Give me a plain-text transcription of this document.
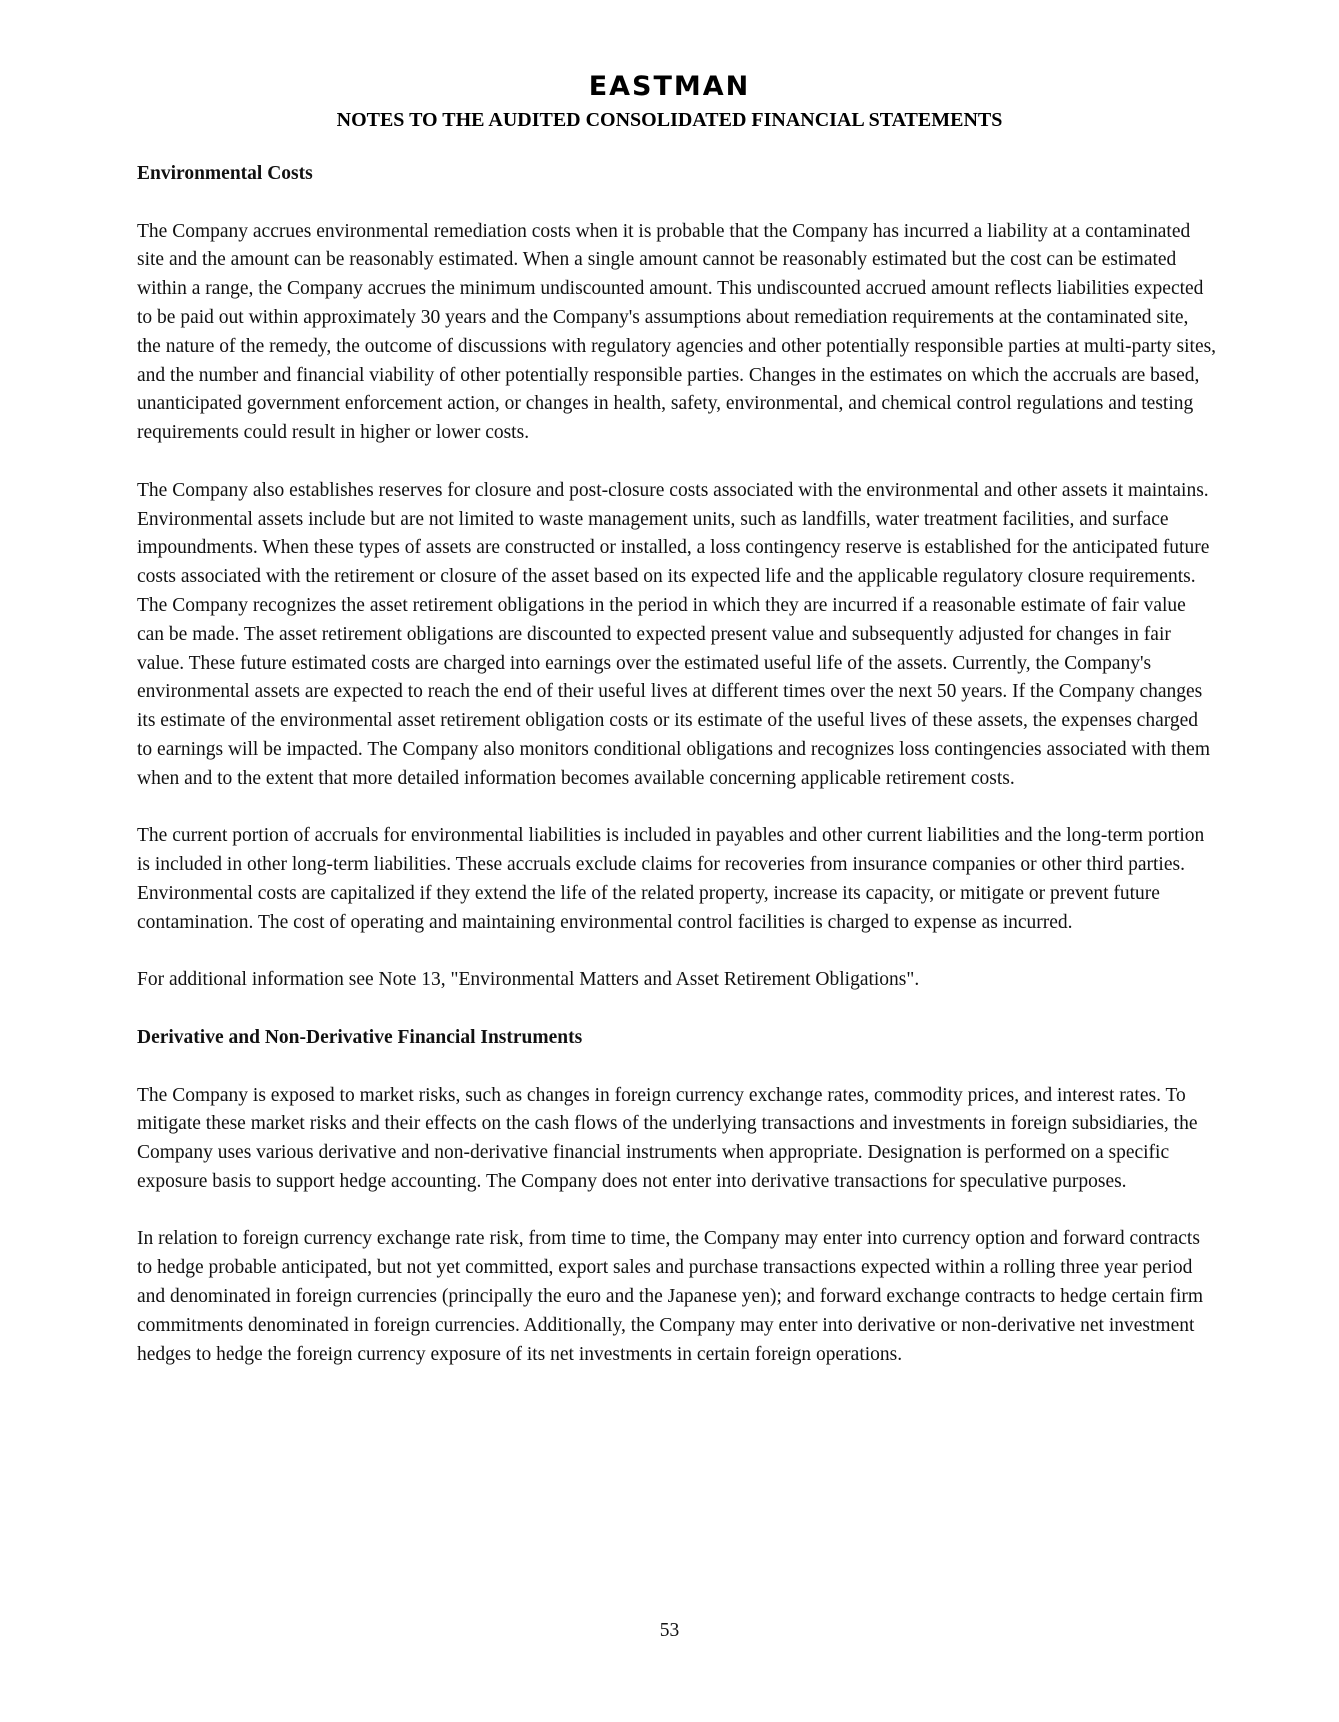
EASTMAN
NOTES TO THE AUDITED CONSOLIDATED FINANCIAL STATEMENTS
Environmental Costs

The Company accrues environmental remediation costs when it is probable that the Company has incurred a liability at a contaminated site and the amount can be reasonably estimated. When a single amount cannot be reasonably estimated but the cost can be estimated within a range, the Company accrues the minimum undiscounted amount. This undiscounted accrued amount reflects liabilities expected to be paid out within approximately 30 years and the Company's assumptions about remediation requirements at the contaminated site, the nature of the remedy, the outcome of discussions with regulatory agencies and other potentially responsible parties at multi-party sites, and the number and financial viability of other potentially responsible parties. Changes in the estimates on which the accruals are based, unanticipated government enforcement action, or changes in health, safety, environmental, and chemical control regulations and testing requirements could result in higher or lower costs.

The Company also establishes reserves for closure and post-closure costs associated with the environmental and other assets it maintains. Environmental assets include but are not limited to waste management units, such as landfills, water treatment facilities, and surface impoundments. When these types of assets are constructed or installed, a loss contingency reserve is established for the anticipated future costs associated with the retirement or closure of the asset based on its expected life and the applicable regulatory closure requirements. The Company recognizes the asset retirement obligations in the period in which they are incurred if a reasonable estimate of fair value can be made. The asset retirement obligations are discounted to expected present value and subsequently adjusted for changes in fair value. These future estimated costs are charged into earnings over the estimated useful life of the assets. Currently, the Company's environmental assets are expected to reach the end of their useful lives at different times over the next 50 years. If the Company changes its estimate of the environmental asset retirement obligation costs or its estimate of the useful lives of these assets, the expenses charged to earnings will be impacted. The Company also monitors conditional obligations and recognizes loss contingencies associated with them when and to the extent that more detailed information becomes available concerning applicable retirement costs.

The current portion of accruals for environmental liabilities is included in payables and other current liabilities and the long-term portion is included in other long-term liabilities. These accruals exclude claims for recoveries from insurance companies or other third parties. Environmental costs are capitalized if they extend the life of the related property, increase its capacity, or mitigate or prevent future contamination. The cost of operating and maintaining environmental control facilities is charged to expense as incurred.

For additional information see Note 13, "Environmental Matters and Asset Retirement Obligations".

Derivative and Non-Derivative Financial Instruments

The Company is exposed to market risks, such as changes in foreign currency exchange rates, commodity prices, and interest rates. To mitigate these market risks and their effects on the cash flows of the underlying transactions and investments in foreign subsidiaries, the Company uses various derivative and non-derivative financial instruments when appropriate. Designation is performed on a specific exposure basis to support hedge accounting. The Company does not enter into derivative transactions for speculative purposes.

In relation to foreign currency exchange rate risk, from time to time, the Company may enter into currency option and forward contracts to hedge probable anticipated, but not yet committed, export sales and purchase transactions expected within a rolling three year period and denominated in foreign currencies (principally the euro and the Japanese yen); and forward exchange contracts to hedge certain firm commitments denominated in foreign currencies. Additionally, the Company may enter into derivative or non-derivative net investment hedges to hedge the foreign currency exposure of its net investments in certain foreign operations.

53
